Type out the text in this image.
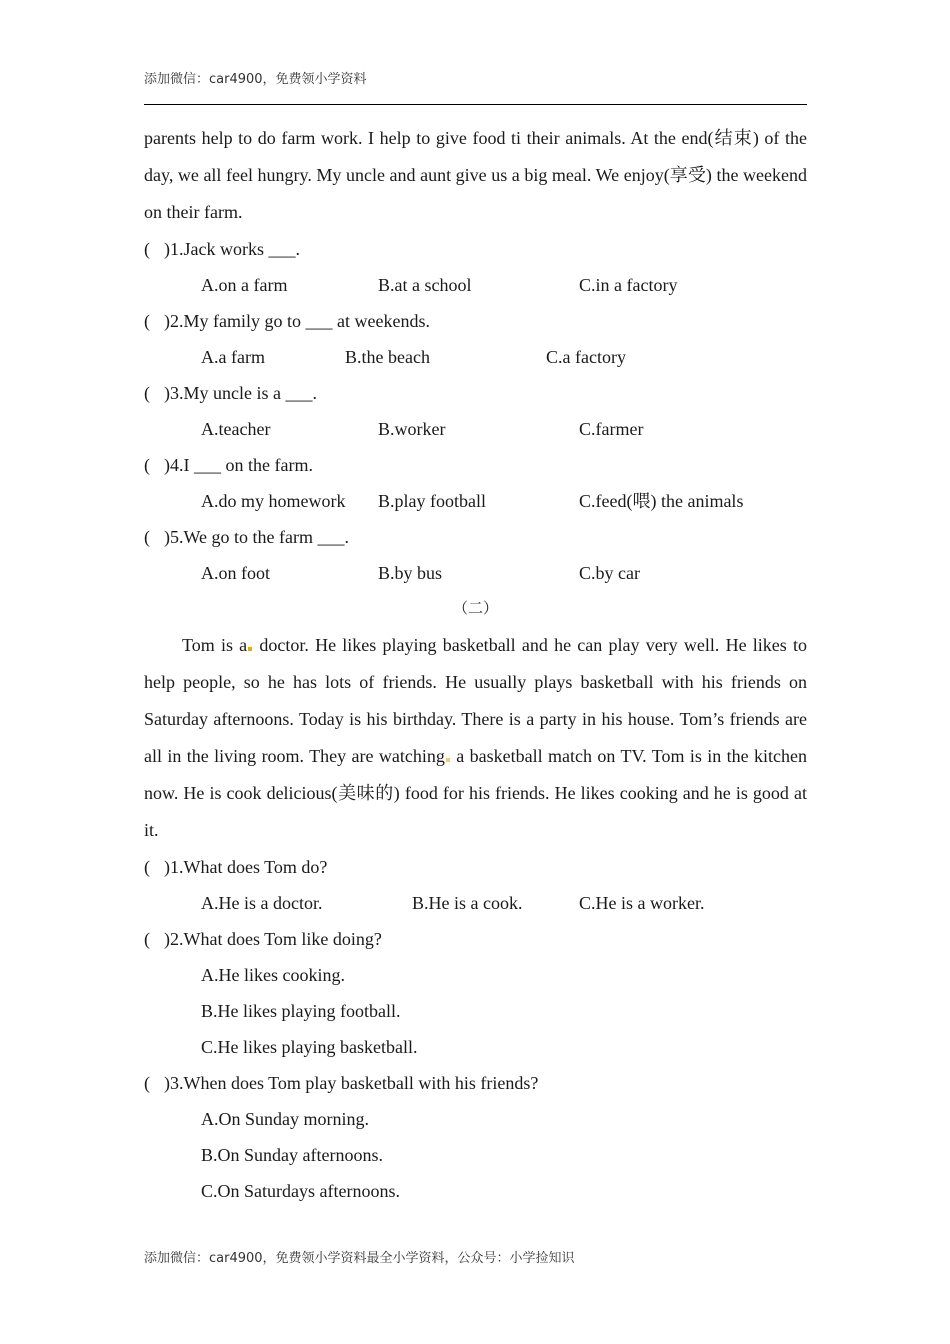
添加微信：car4900，免费领小学资料

parents help to do farm work. I help to give food ti their animals. At the end(结束) of the day, we all feel hungry. My uncle and aunt give us a big meal. We enjoy(享受) the weekend on their farm.

( )1.Jack works ___.
A.on a farm	B.at a school	C.in a factory
( )2.My family go to ___ at weekends.
A.a farm	B.the beach	C.a factory
( )3.My uncle is a ___.
A.teacher	B.worker	C.farmer
( )4.I ___ on the farm.
A.do my homework B.play football	C.feed(喂) the animals
( )5.We go to the farm ___.
A.on foot	B.by bus	C.by car
（二）

Tom is a doctor. He likes playing basketball and he can play very well. He likes to help people, so he has lots of friends. He usually plays basketball with his friends on Saturday afternoons. Today is his birthday. There is a party in his house. Tom’s friends are all in the living room. They are watching a basketball match on TV. Tom is in the kitchen now. He is cook delicious(美味的) food for his friends. He likes cooking and he is good at it.

( )1.What does Tom do?
A.He is a doctor.	B.He is a cook.	C.He is a worker.
( )2.What does Tom like doing?
A.He likes cooking.
B.He likes playing football.
C.He likes playing basketball.
( )3.When does Tom play basketball with his friends?
A.On Sunday morning.
B.On Sunday afternoons.
C.On Saturdays afternoons.
添加微信：car4900，免费领小学资料最全小学资料，公众号：小学捡知识
